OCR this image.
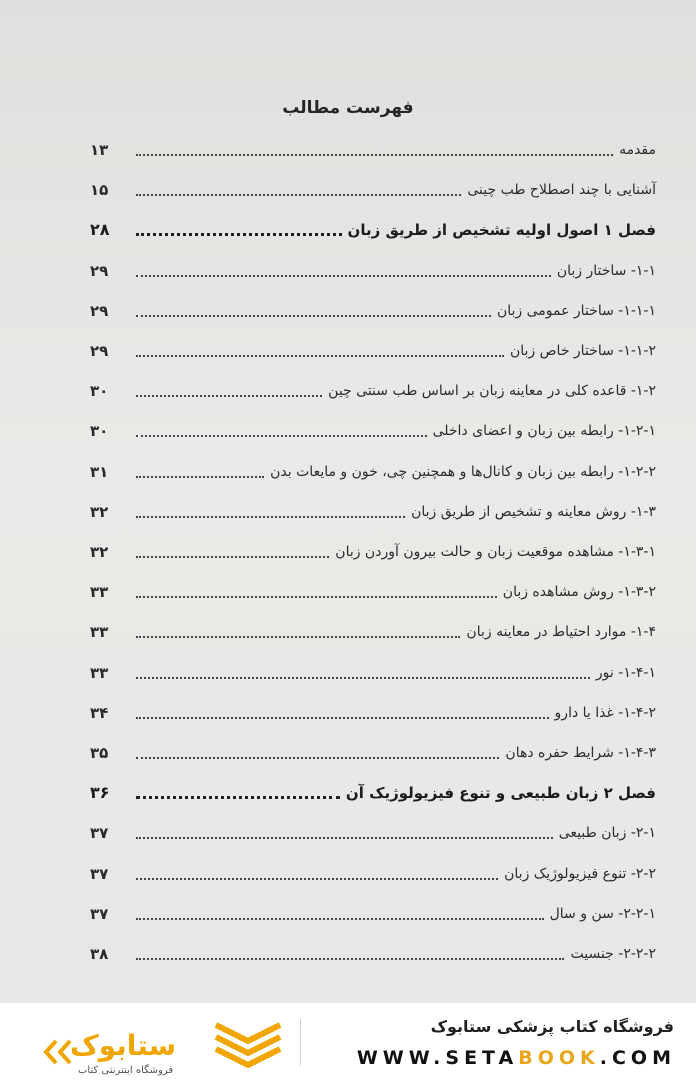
فهرست مطالب
مقدمه
۱۳
آشنایی با چند اصطلاح طب چینی
۱۵
فصل ۱ اصول اولیه تشخیص از طریق زبان
۲۸
۱-۱- ساختار زبان
۲۹
۱-۱-۱- ساختار عمومی زبان
۲۹
۱-۱-۲- ساختار خاص زبان
۲۹
۱-۲- قاعده کلی در معاینه زبان بر اساس طب سنتی چین
۳۰
۱-۲-۱- رابطه بین زبان و اعضای داخلی
۳۰
۱-۲-۲- رابطه بین زبان و کانال‌ها و همچنین چی، خون و مایعات بدن
۳۱
۱-۳- روش معاینه و تشخیص از طریق زبان
۳۲
۱-۳-۱- مشاهده موقعیت زبان و حالت بیرون آوردن زبان
۳۲
۱-۳-۲- روش مشاهده زبان
۳۳
۱-۴- موارد احتیاط در معاینه زبان
۳۳
۱-۴-۱- نور
۳۳
۱-۴-۲- غذا یا دارو
۳۴
۱-۴-۳- شرایط حفره دهان
۳۵
فصل ۲ زبان طبیعی و تنوع فیزیولوژیک آن
۳۶
۲-۱- زبان طبیعی
۳۷
۲-۲- تنوع فیزیولوژیک زبان
۳۷
۲-۲-۱- سن و سال
۳۷
۲-۲-۲- جنسیت
۳۸
ستابوک
فروشگاه اینترنتی کتاب
فروشگاه کتاب پزشکی ستابوک
WWW.SETABOOK.COM
